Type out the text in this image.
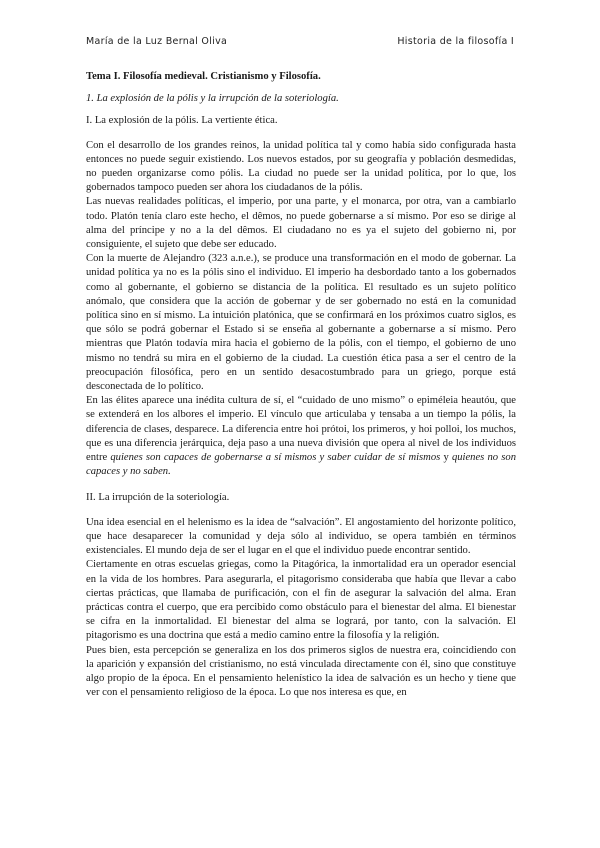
María de la Luz Bernal Oliva	Historia de la filosofía I
Tema I. Filosofía medieval. Cristianismo y Filosofía.
1. La explosión de la pólis y la irrupción de la soteriología.
I. La explosión de la pólis. La vertiente ética.

Con el desarrollo de los grandes reinos, la unidad política tal y como había sido configurada hasta entonces no puede seguir existiendo. Los nuevos estados, por su geografía y población desmedidas, no pueden organizarse como pólis. La ciudad no puede ser la unidad política, por lo que, los gobernados tampoco pueden ser ahora los ciudadanos de la pólis.

Las nuevas realidades políticas, el imperio, por una parte, y el monarca, por otra, van a cambiarlo todo. Platón tenía claro este hecho, el dêmos, no puede gobernarse a sí mismo. Por eso se dirige al alma del príncipe y no a la del dêmos. El ciudadano no es ya el sujeto del gobierno ni, por consiguiente, el sujeto que debe ser educado.

Con la muerte de Alejandro (323 a.n.e.), se produce una transformación en el modo de gobernar. La unidad política ya no es la pólis sino el individuo. El imperio ha desbordado tanto a los gobernados como al gobernante, el gobierno se distancia de la política. El resultado es un sujeto político anómalo, que considera que la acción de gobernar y de ser gobernado no está en la comunidad política sino en sí mismo. La intuición platónica, que se confirmará en los próximos cuatro siglos, es que sólo se podrá gobernar el Estado si se enseña al gobernante a gobernarse a sí mismo. Pero mientras que Platón todavía mira hacia el gobierno de la pólis, con el tiempo, el gobierno de uno mismo no tendrá su mira en el gobierno de la ciudad. La cuestión ética pasa a ser el centro de la preocupación filosófica, pero en un sentido desacostumbrado para un griego, porque está desconectada de lo político.

En las élites aparece una inédita cultura de sí, el “cuidado de uno mismo” o epiméleia heautóu, que se extenderá en los albores el imperio. El vínculo que articulaba y tensaba a un tiempo la pólis, la diferencia de clases, desparece. La diferencia entre hoi prótoi, los primeros, y hoi polloi, los muchos, que es una diferencia jerárquica, deja paso a una nueva división que opera al nivel de los individuos entre quienes son capaces de gobernarse a sí mismos y saber cuidar de sí mismos y quienes no son capaces y no saben.

II. La irrupción de la soteriología.

Una idea esencial en el helenismo es la idea de “salvación”. El angostamiento del horizonte político, que hace desaparecer la comunidad y deja sólo al individuo, se opera también en términos existenciales. El mundo deja de ser el lugar en el que el individuo puede encontrar sentido.

Ciertamente en otras escuelas griegas, como la Pitagórica, la inmortalidad era un operador esencial en la vida de los hombres. Para asegurarla, el pitagorismo consideraba que había que llevar a cabo ciertas prácticas, que llamaba de purificación, con el fin de asegurar la salvación del alma. Eran prácticas contra el cuerpo, que era percibido como obstáculo para el bienestar del alma. El bienestar se cifra en la inmortalidad. El bienestar del alma se logrará, por tanto, con la salvación. El pitagorismo es una doctrina que está a medio camino entre la filosofía y la religión.

Pues bien, esta percepción se generaliza en los dos primeros siglos de nuestra era, coincidiendo con la aparición y expansión del cristianismo, no está vinculada directamente con él, sino que constituye algo propio de la época. En el pensamiento helenístico la idea de salvación es un hecho y tiene que ver con el pensamiento religioso de la época. Lo que nos interesa es que, en
